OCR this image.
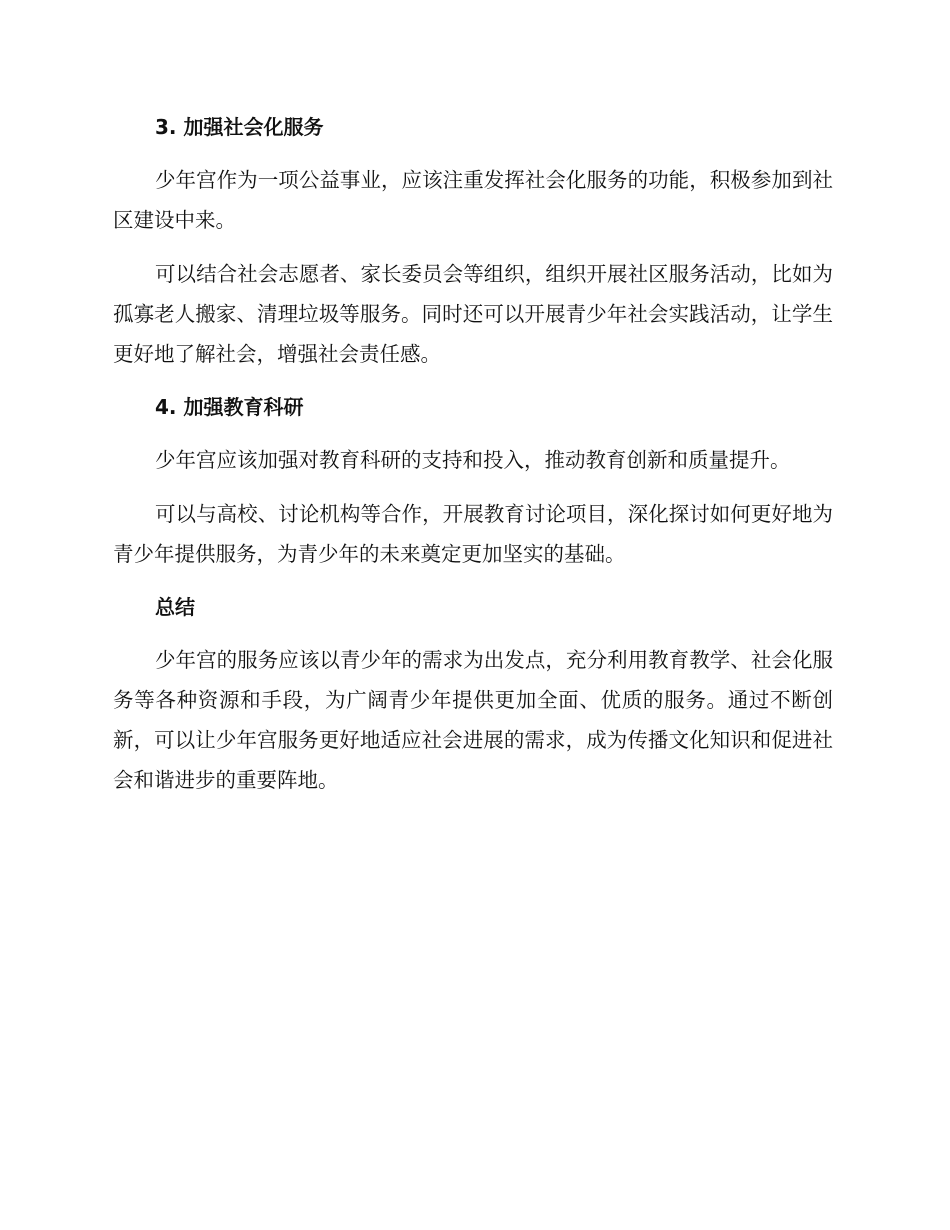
3. 加强社会化服务

少年宫作为一项公益事业，应该注重发挥社会化服务的功能，积极参加到社区建设中来。

可以结合社会志愿者、家长委员会等组织，组织开展社区服务活动，比如为孤寡老人搬家、清理垃圾等服务。同时还可以开展青少年社会实践活动，让学生更好地了解社会，增强社会责任感。

4. 加强教育科研

少年宫应该加强对教育科研的支持和投入，推动教育创新和质量提升。

可以与高校、讨论机构等合作，开展教育讨论项目，深化探讨如何更好地为青少年提供服务，为青少年的未来奠定更加坚实的基础。

总结

少年宫的服务应该以青少年的需求为出发点，充分利用教育教学、社会化服务等各种资源和手段，为广阔青少年提供更加全面、优质的服务。通过不断创新，可以让少年宫服务更好地适应社会进展的需求，成为传播文化知识和促进社会和谐进步的重要阵地。
